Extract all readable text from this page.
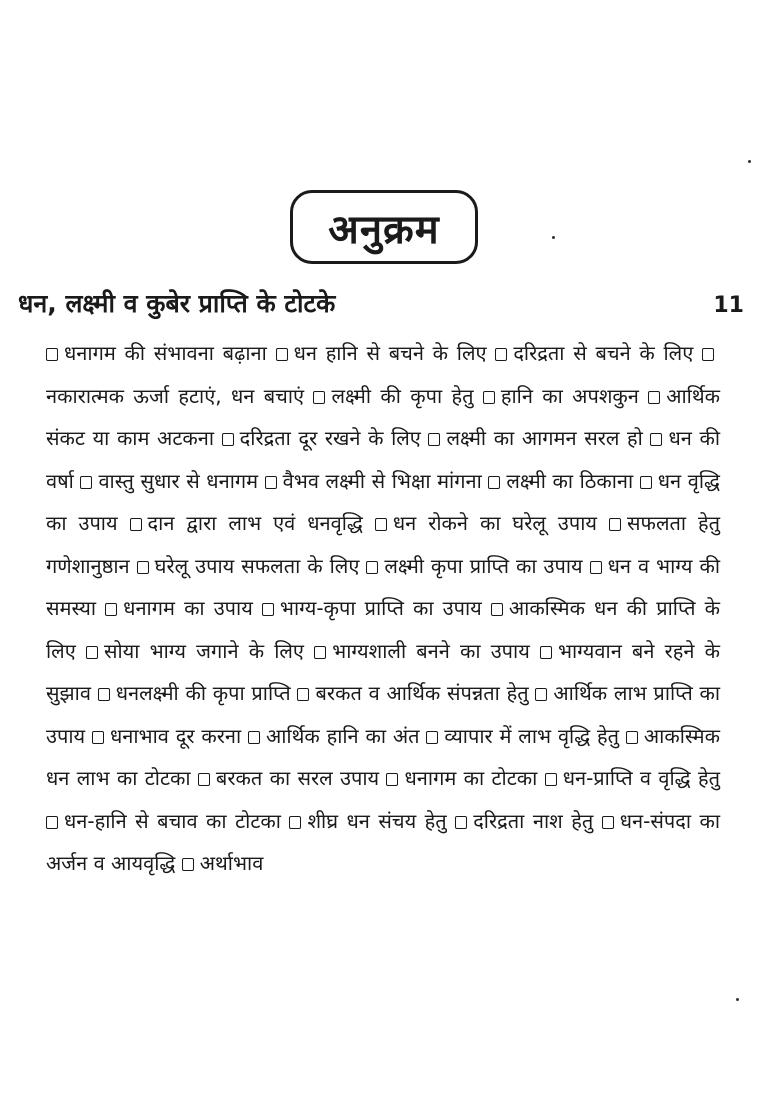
अनुक्रम
धन, लक्ष्मी व कुबेर प्राप्ति के टोटके	11
धनागम की संभावना बढ़ाना धन हानि से बचने के लिए दरिद्रता से बचने के लिए नकारात्मक ऊर्जा हटाएं, धन बचाएं लक्ष्मी की कृपा हेतु हानि का अपशकुन आर्थिक संकट या काम अटकना दरिद्रता दूर रखने के लिए लक्ष्मी का आगमन सरल हो धन की वर्षा वास्तु सुधार से धनागम वैभव लक्ष्मी से भिक्षा मांगना लक्ष्मी का ठिकाना धन वृद्धि का उपाय दान द्वारा लाभ एवं धनवृद्धि धन रोकने का घरेलू उपाय सफलता हेतु गणेशानुष्ठान घरेलू उपाय सफलता के लिए लक्ष्मी कृपा प्राप्ति का उपाय धन व भाग्य की समस्या धनागम का उपाय भाग्य-कृपा प्राप्ति का उपाय आकस्मिक धन की प्राप्ति के लिए सोया भाग्य जगाने के लिए भाग्यशाली बनने का उपाय भाग्यवान बने रहने के सुझाव धनलक्ष्मी की कृपा प्राप्ति बरकत व आर्थिक संपन्नता हेतु आर्थिक लाभ प्राप्ति का उपाय धनाभाव दूर करना आर्थिक हानि का अंत व्यापार में लाभ वृद्धि हेतु आकस्मिक धन लाभ का टोटका बरकत का सरल उपाय धनागम का टोटका धन-प्राप्ति व वृद्धि हेतु धन-हानि से बचाव का टोटका शीघ्र धन संचय हेतु दरिद्रता नाश हेतु धन-संपदा का अर्जन व आयवृद्धि अर्थाभाव
